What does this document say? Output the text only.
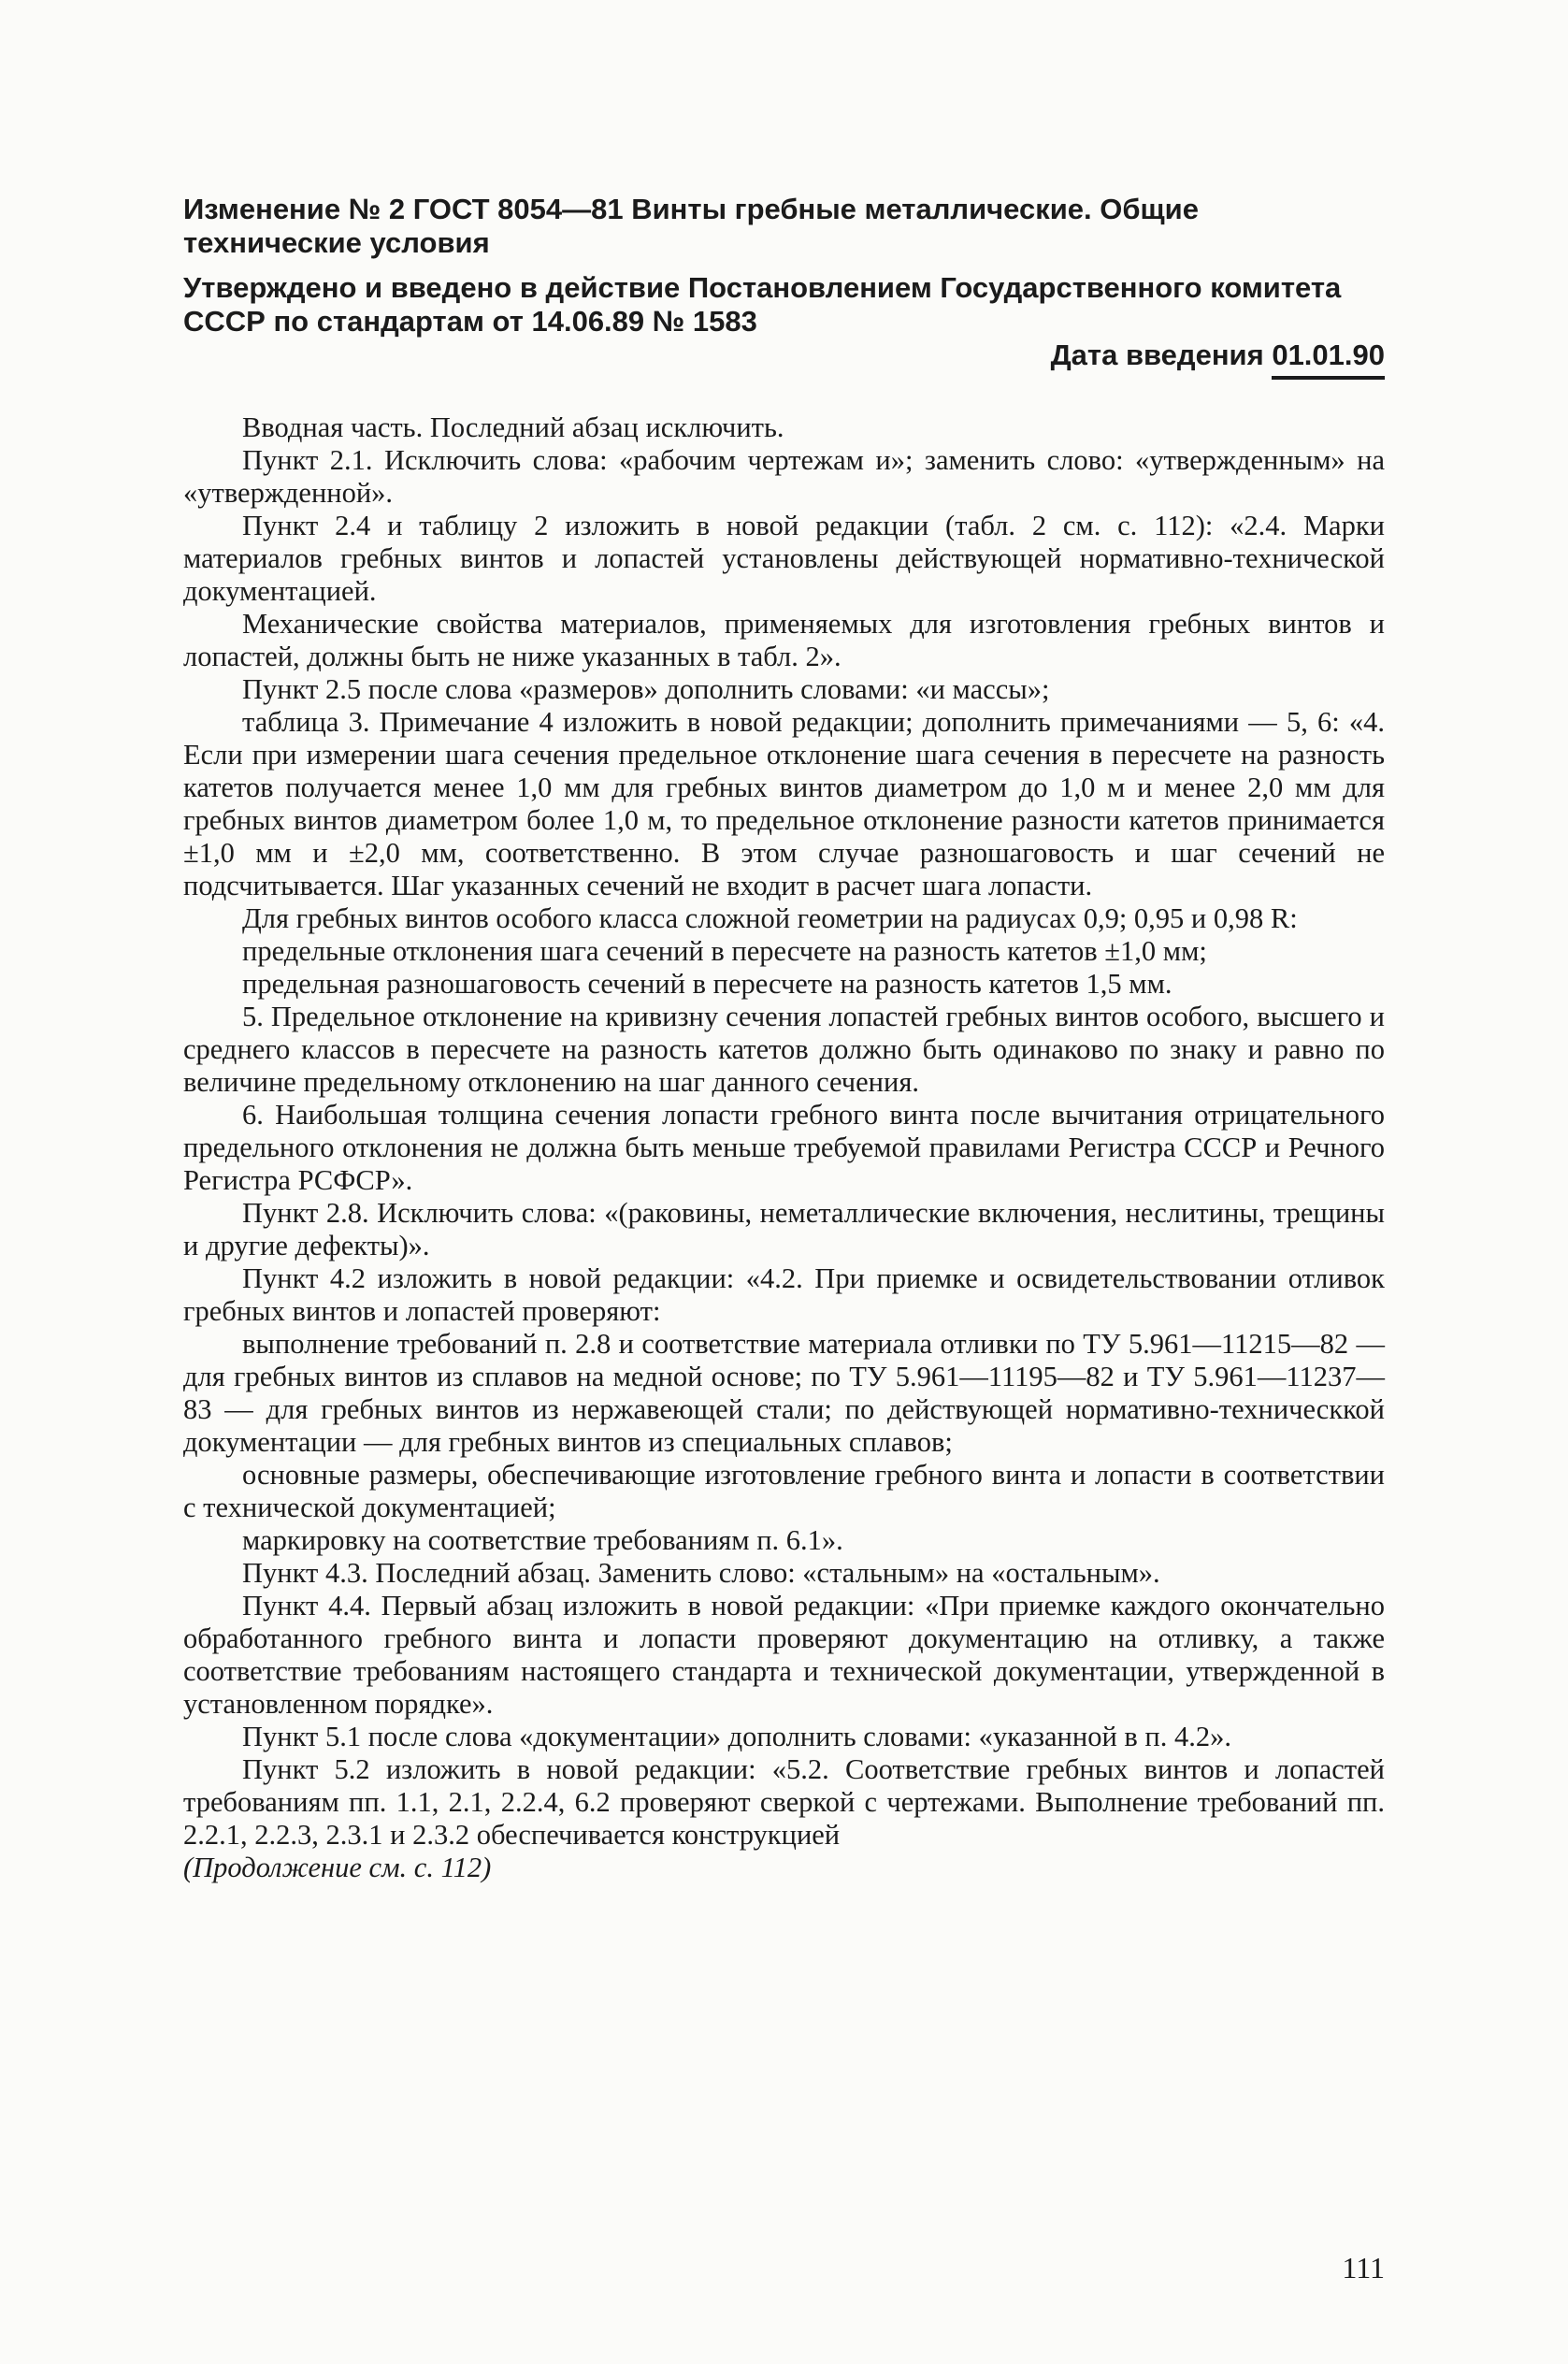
Изменение № 2 ГОСТ 8054—81 Винты гребные металлические. Общие технические условия

Утверждено и введено в действие Постановлением Государственного комитета СССР по стандартам от 14.06.89 № 1583

Дата введения 01.01.90

Вводная часть. Последний абзац исключить.

Пункт 2.1. Исключить слова: «рабочим чертежам и»; заменить слово: «утвержденным» на «утвержденной».

Пункт 2.4 и таблицу 2 изложить в новой редакции (табл. 2 см. с. 112): «2.4. Марки материалов гребных винтов и лопастей установлены действующей нормативно-технической документацией.

Механические свойства материалов, применяемых для изготовления гребных винтов и лопастей, должны быть не ниже указанных в табл. 2».

Пункт 2.5 после слова «размеров» дополнить словами: «и массы»;

таблица 3. Примечание 4 изложить в новой редакции; дополнить примечаниями — 5, 6: «4. Если при измерении шага сечения предельное отклонение шага сечения в пересчете на разность катетов получается менее 1,0 мм для гребных винтов диаметром до 1,0 м и менее 2,0 мм для гребных винтов диаметром более 1,0 м, то предельное отклонение разности катетов принимается ±1,0 мм и ±2,0 мм, соответственно. В этом случае разношаговость и шаг сечений не подсчитывается. Шаг указанных сечений не входит в расчет шага лопасти.

Для гребных винтов особого класса сложной геометрии на радиусах 0,9; 0,95 и 0,98 R:

предельные отклонения шага сечений в пересчете на разность катетов ±1,0 мм;

предельная разношаговость сечений в пересчете на разность катетов 1,5 мм.

5. Предельное отклонение на кривизну сечения лопастей гребных винтов особого, высшего и среднего классов в пересчете на разность катетов должно быть одинаково по знаку и равно по величине предельному отклонению на шаг данного сечения.

6. Наибольшая толщина сечения лопасти гребного винта после вычитания отрицательного предельного отклонения не должна быть меньше требуемой правилами Регистра СССР и Речного Регистра РСФСР».

Пункт 2.8. Исключить слова: «(раковины, неметаллические включения, неслитины, трещины и другие дефекты)».

Пункт 4.2 изложить в новой редакции: «4.2. При приемке и освидетельствовании отливок гребных винтов и лопастей проверяют:

выполнение требований п. 2.8 и соответствие материала отливки по ТУ 5.961—11215—82 — для гребных винтов из сплавов на медной основе; по ТУ 5.961—11195—82 и ТУ 5.961—11237—83 — для гребных винтов из нержавеющей стали; по действующей нормативно-техническкой документации — для гребных винтов из специальных сплавов;

основные размеры, обеспечивающие изготовление гребного винта и лопасти в соответствии с технической документацией;

маркировку на соответствие требованиям п. 6.1».

Пункт 4.3. Последний абзац. Заменить слово: «стальным» на «остальным».

Пункт 4.4. Первый абзац изложить в новой редакции: «При приемке каждого окончательно обработанного гребного винта и лопасти проверяют документацию на отливку, а также соответствие требованиям настоящего стандарта и технической документации, утвержденной в установленном порядке».

Пункт 5.1 после слова «документации» дополнить словами: «указанной в п. 4.2».

Пункт 5.2 изложить в новой редакции: «5.2. Соответствие гребных винтов и лопастей требованиям пп. 1.1, 2.1, 2.2.4, 6.2 проверяют сверкой с чертежами. Выполнение требований пп. 2.2.1, 2.2.3, 2.3.1 и 2.3.2 обеспечивается конструкцией

(Продолжение см. с. 112)

111
